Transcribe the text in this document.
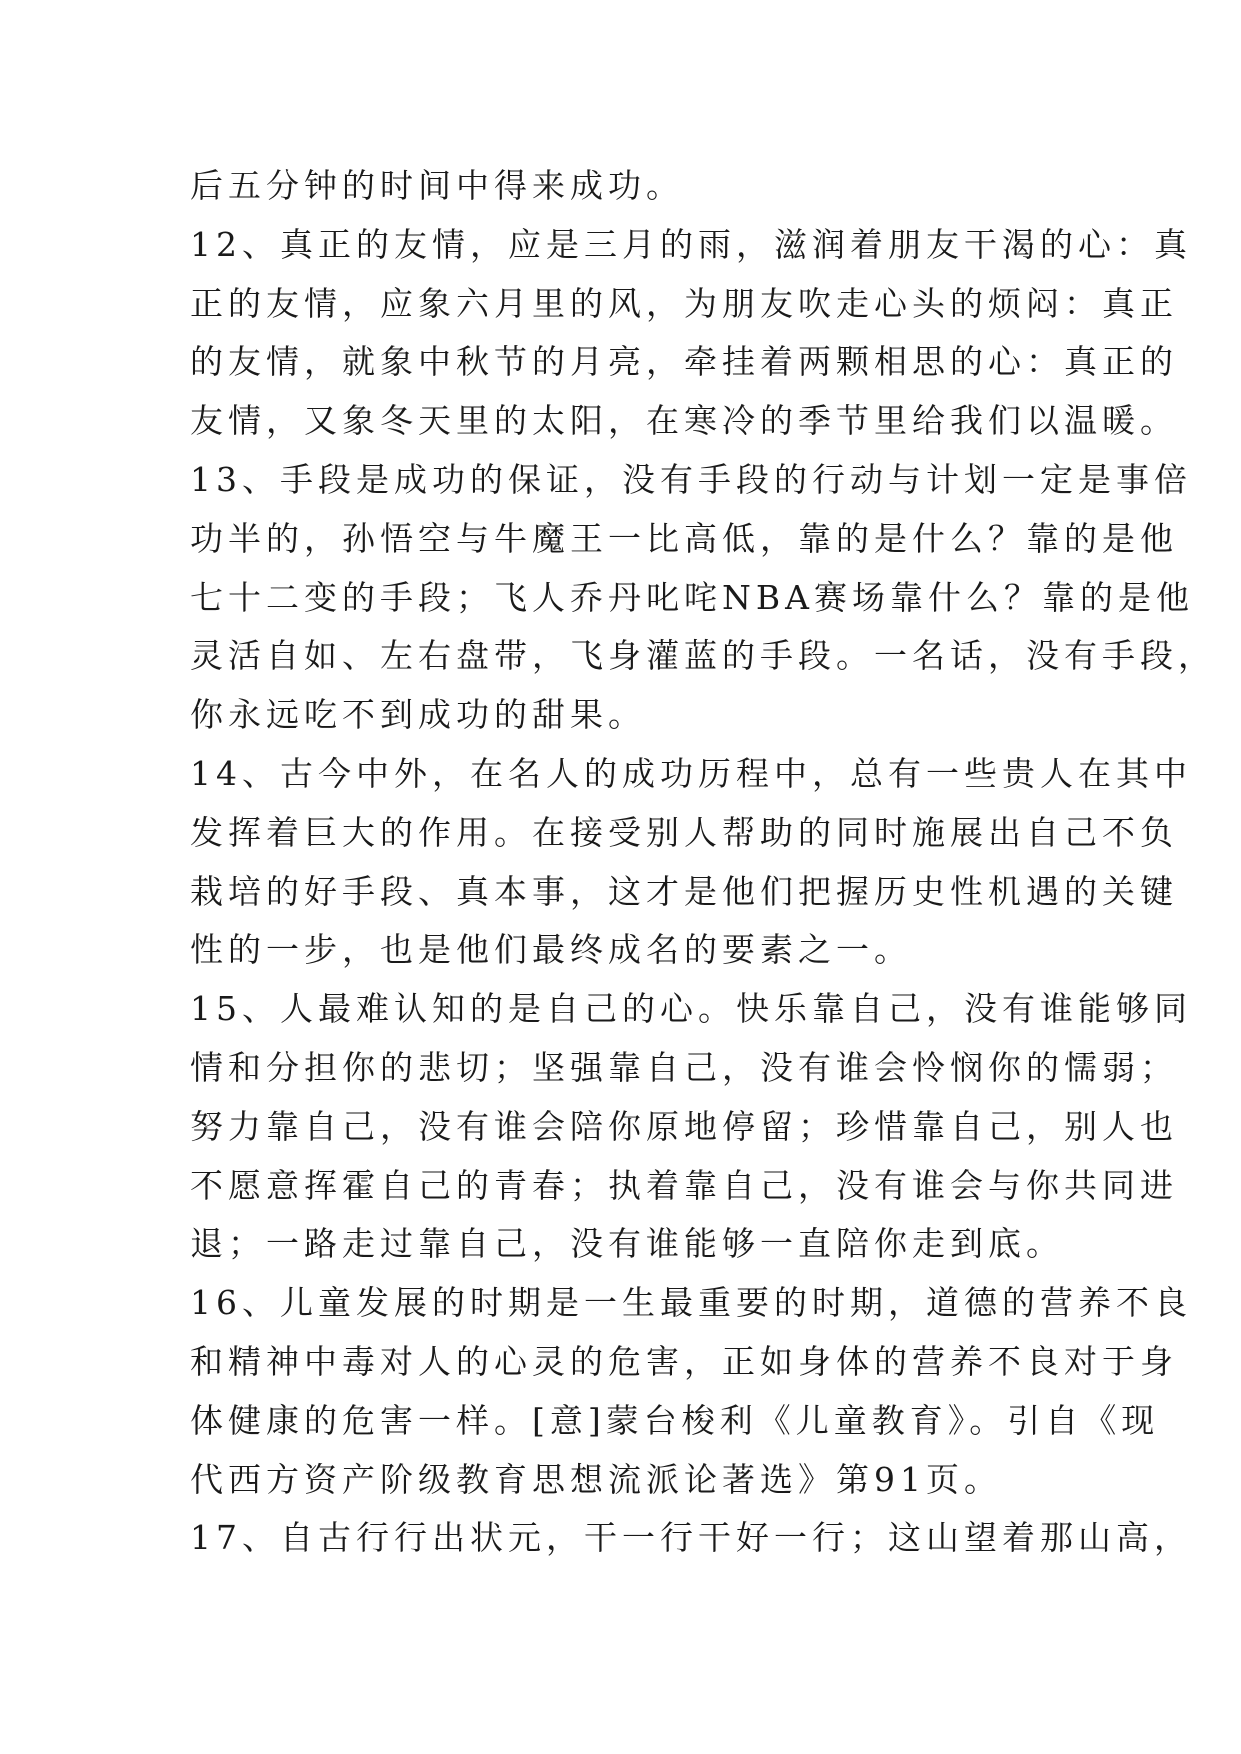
后五分钟的时间中得来成功。
12、真正的友情，应是三月的雨，滋润着朋友干渴的心：真
正的友情，应象六月里的风，为朋友吹走心头的烦闷：真正
的友情，就象中秋节的月亮，牵挂着两颗相思的心：真正的
友情，又象冬天里的太阳，在寒冷的季节里给我们以温暖。
13、手段是成功的保证，没有手段的行动与计划一定是事倍
功半的，孙悟空与牛魔王一比高低，靠的是什么？靠的是他
七十二变的手段；飞人乔丹叱咤NBA赛场靠什么？靠的是他
灵活自如、左右盘带，飞身灌蓝的手段。一名话，没有手段，
你永远吃不到成功的甜果。
14、古今中外，在名人的成功历程中，总有一些贵人在其中
发挥着巨大的作用。在接受别人帮助的同时施展出自己不负
栽培的好手段、真本事，这才是他们把握历史性机遇的关键
性的一步，也是他们最终成名的要素之一。
15、人最难认知的是自己的心。快乐靠自己，没有谁能够同
情和分担你的悲切；坚强靠自己，没有谁会怜悯你的懦弱；
努力靠自己，没有谁会陪你原地停留；珍惜靠自己，别人也
不愿意挥霍自己的青春；执着靠自己，没有谁会与你共同进
退；一路走过靠自己，没有谁能够一直陪你走到底。
16、儿童发展的时期是一生最重要的时期，道德的营养不良
和精神中毒对人的心灵的危害，正如身体的营养不良对于身
体健康的危害一样。[意]蒙台梭利《儿童教育》。引自《现
代西方资产阶级教育思想流派论著选》第91页。
17、自古行行出状元，干一行干好一行；这山望着那山高，
